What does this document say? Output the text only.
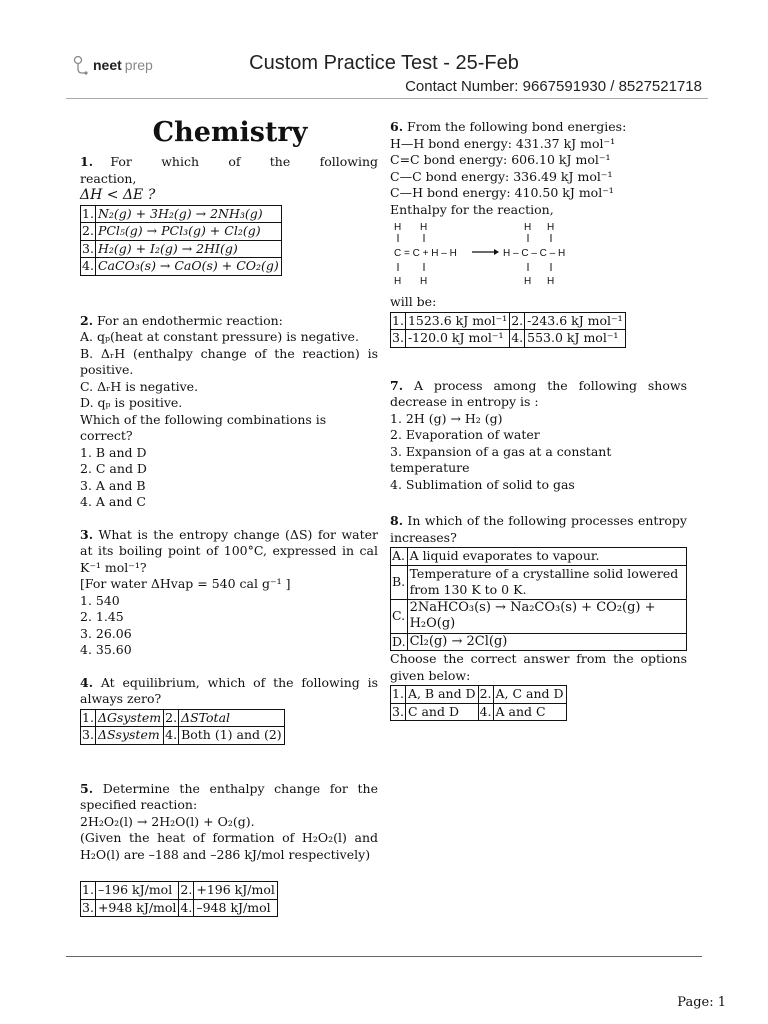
neet prep	Custom Practice Test - 25-Feb
Contact Number: 9667591930 / 8527521718
Chemistry

1. For which of the following reaction,

ΔH < ΔE ?

1.	N₂(g) + 3H₂(g) → 2NH₃(g)
2.	PCl₅(g) → PCl₃(g) + Cl₂(g)
3.	H₂(g) + I₂(g) → 2HI(g)
4.	CaCO₃(s) → CaO(s) + CO₂(g)

2. For an endothermic reaction:

A. qₚ(heat at constant pressure) is negative.

B. ΔᵣH (enthalpy change of the reaction) is positive.

C. ΔᵣH is negative.

D. qₚ is positive.

Which of the following combinations is correct?

1. B and D

2. C and D

3. A and B

4. A and C

3. What is the entropy change (ΔS) for water at its boiling point of 100°C, expressed in cal K⁻¹ mol⁻¹?

[For water ΔHvap = 540 cal g⁻¹ ]

1. 540

2. 1.45

3. 26.06

4. 35.60

4. At equilibrium, which of the following is always zero?

1.	ΔGsystem	2.	ΔSTotal
3.	ΔSsystem	4.	Both (1) and (2)

5. Determine the enthalpy change for the specified reaction:

2H₂O₂(l) → 2H₂O(l) + O₂(g).

(Given the heat of formation of H₂O₂(l) and H₂O(l) are –188 and –286 kJ/mol respectively)

1.	–196 kJ/mol	2.	+196 kJ/mol
3.	+948 kJ/mol	4.	–948 kJ/mol

6. From the following bond energies:

H—H bond energy: 431.37 kJ mol⁻¹

C=C bond energy: 606.10 kJ mol⁻¹

C—C bond energy: 336.49 kJ mol⁻¹

C—H bond energy: 410.50 kJ mol⁻¹

Enthalpy for the reaction,

H H	H H
C = C + H – H	H – C – C – H
H H	H H

will be:

1.	1523.6 kJ mol⁻¹	2.	-243.6 kJ mol⁻¹
3.	-120.0 kJ mol⁻¹	4.	553.0 kJ mol⁻¹

7. A process among the following shows decrease in entropy is :

1. 2H (g) → H₂ (g)

2. Evaporation of water

3. Expansion of a gas at a constant temperature

4. Sublimation of solid to gas

8. In which of the following processes entropy increases?

A.	A liquid evaporates to vapour.
B.	Temperature of a crystalline solid lowered from 130 K to 0 K.
C.	2NaHCO₃(s) → Na₂CO₃(s) + CO₂(g) + H₂O(g)
D.	Cl₂(g) → 2Cl(g)

Choose the correct answer from the options given below:

1.	A, B and D	2.	A, C and D
3.	C and D	4.	A and C
Page: 1
